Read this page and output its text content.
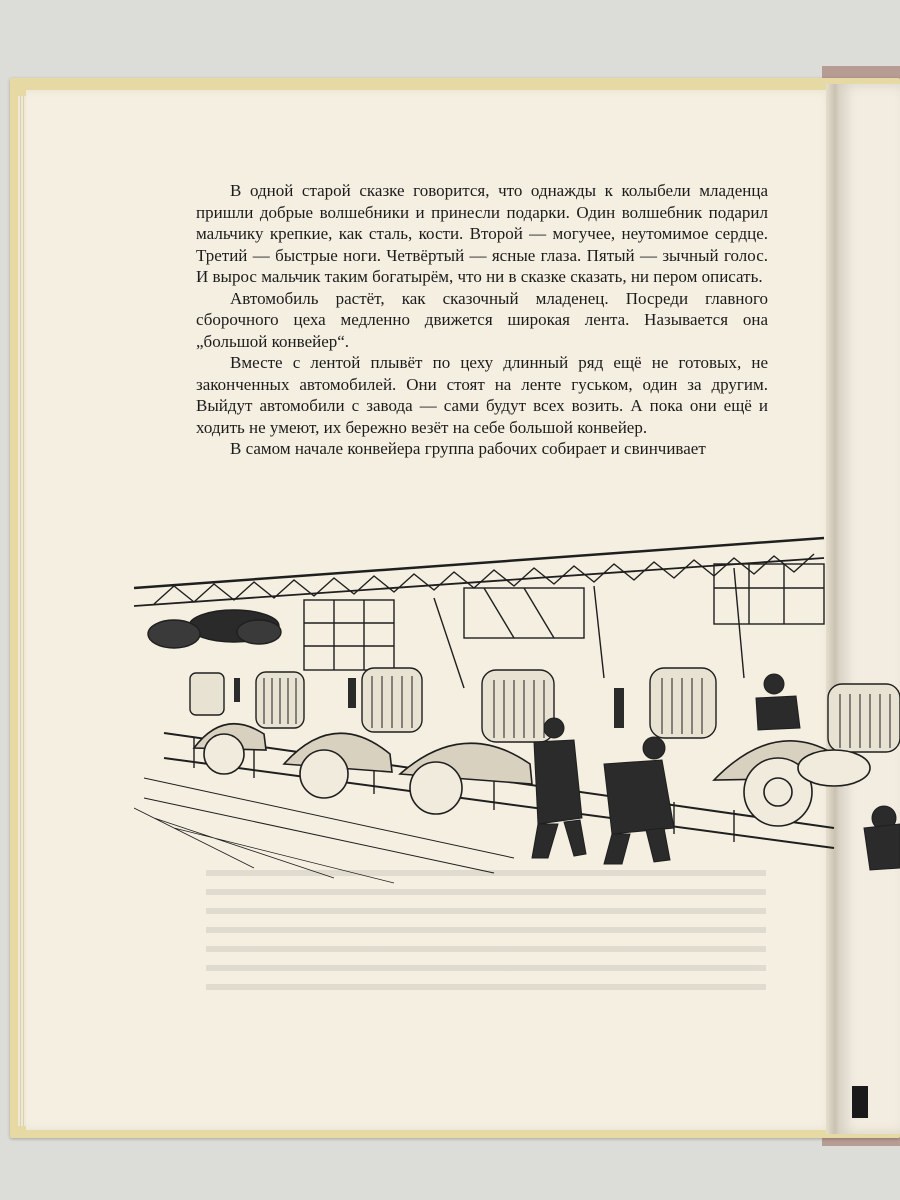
В одной старой сказке говорится, что однажды к колыбели младенца пришли добрые волшебники и принесли подарки. Один волшебник подарил мальчику крепкие, как сталь, кости. Второй — могучее, неутомимое сердце. Третий — быстрые ноги. Четвёртый — ясные глаза. Пятый — зычный голос. И вырос мальчик таким богатырём, что ни в сказке сказать, ни пером описать.

Автомобиль растёт, как сказочный младенец. Посреди главного сборочного цеха медленно движется широкая лента. Называется она „большой конвейер“.

Вместе с лентой плывёт по цеху длинный ряд ещё не готовых, не законченных автомобилей. Они стоят на ленте гуськом, один за другим. Выйдут автомобили с завода — сами будут всех возить. А пока они ещё и ходить не умеют, их бережно везёт на себе большой конвейер.

В самом начале конвейера группа рабочих собирает и свинчивает
